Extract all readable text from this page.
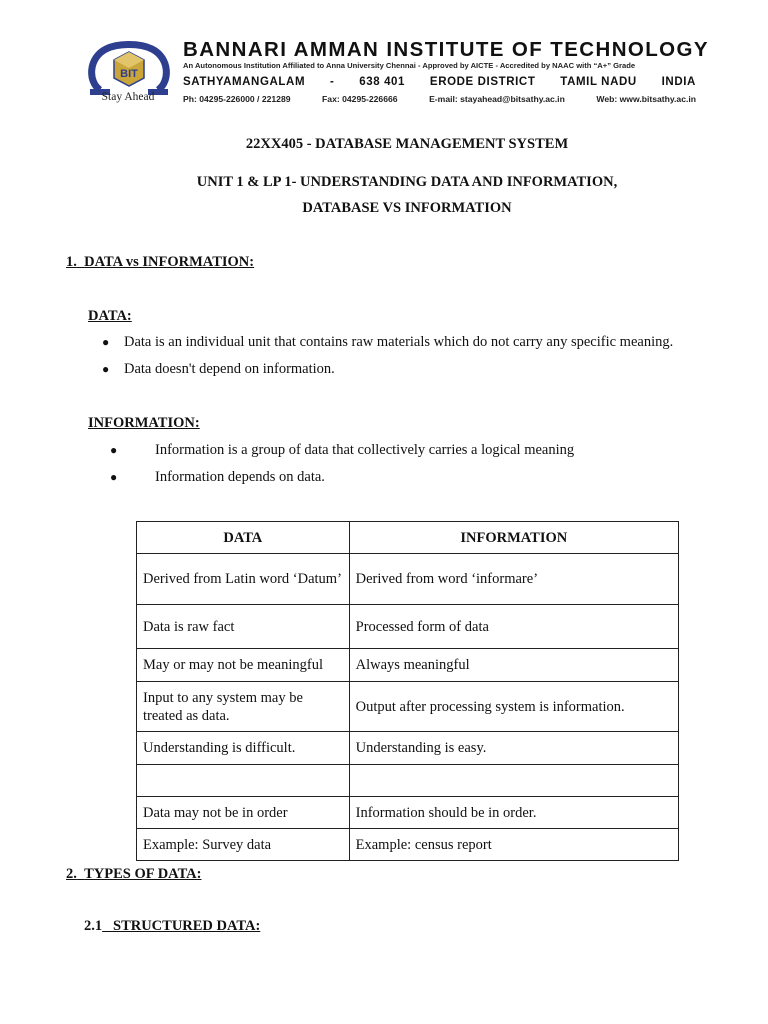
BIT
Stay Ahead
BANNARI AMMAN INSTITUTE OF TECHNOLOGY
An Autonomous Institution Affiliated to Anna University Chennai - Approved by AICTE - Accredited by NAAC with “A+” Grade
SATHYAMANGALAM - 638 401 ERODE DISTRICT TAMIL NADU INDIA
Ph: 04295-226000 / 221289	Fax: 04295-226666	E-mail: stayahead@bitsathy.ac.in	Web: www.bitsathy.ac.in
22XX405 - DATABASE MANAGEMENT SYSTEM
UNIT 1 & LP 1- UNDERSTANDING DATA AND INFORMATION,
DATABASE VS INFORMATION
1. DATA vs INFORMATION:
DATA:
● Data is an individual unit that contains raw materials which do not carry any specific meaning.
● Data doesn't depend on information.
INFORMATION:
●	Information is a group of data that collectively carries a logical meaning
●	Information depends on data.
DATA	INFORMATION
Derived from Latin word ‘Datum’	Derived from word ‘informare’
Data is raw fact	Processed form of data
May or may not be meaningful	Always meaningful
Input to any system may be treated as data.	Output after processing system is information.
Understanding is difficult.	Understanding is easy.

Data may not be in order	Information should be in order.
Example: Survey data	Example: census report
2. TYPES OF DATA:
2.1 STRUCTURED DATA:
